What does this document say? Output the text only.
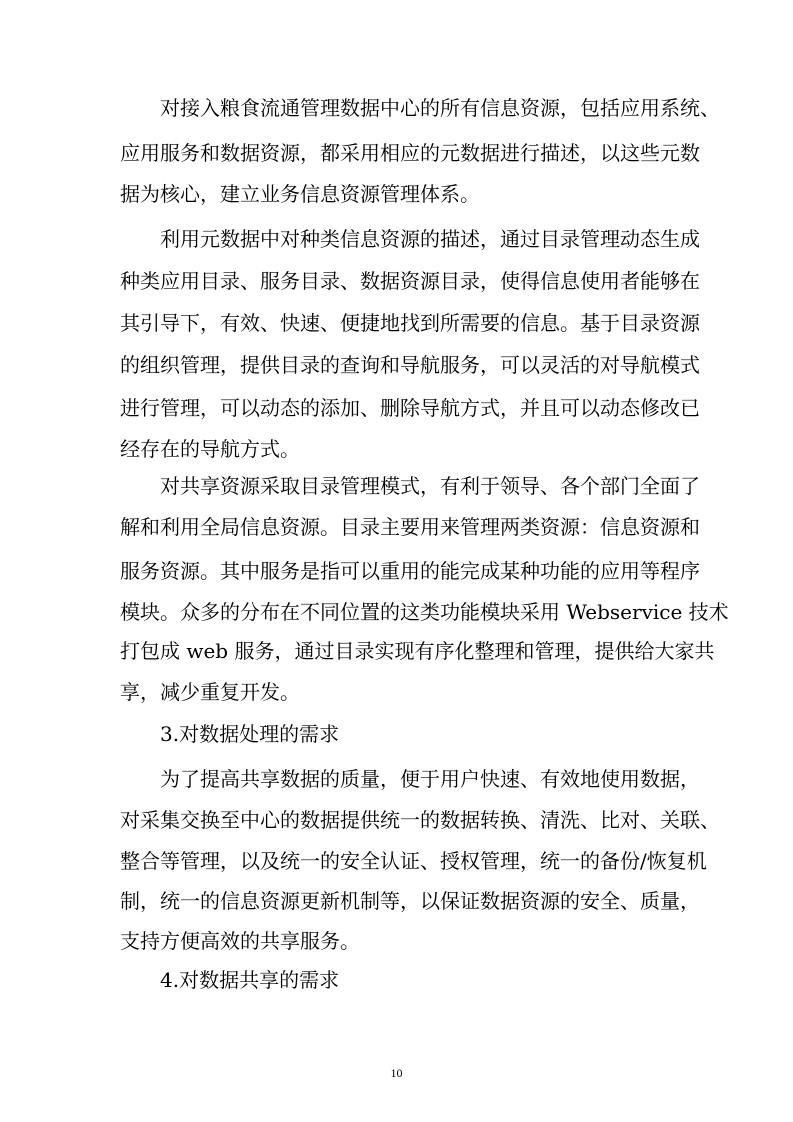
对接入粮食流通管理数据中心的所有信息资源，包括应用系统、
应用服务和数据资源，都采用相应的元数据进行描述，以这些元数
据为核心，建立业务信息资源管理体系。
利用元数据中对种类信息资源的描述，通过目录管理动态生成
种类应用目录、服务目录、数据资源目录，使得信息使用者能够在
其引导下，有效、快速、便捷地找到所需要的信息。基于目录资源
的组织管理，提供目录的查询和导航服务，可以灵活的对导航模式
进行管理，可以动态的添加、删除导航方式，并且可以动态修改已
经存在的导航方式。
对共享资源采取目录管理模式，有利于领导、各个部门全面了
解和利用全局信息资源。目录主要用来管理两类资源：信息资源和
服务资源。其中服务是指可以重用的能完成某种功能的应用等程序
模块。众多的分布在不同位置的这类功能模块采用 Webservice 技术
打包成 web 服务，通过目录实现有序化整理和管理，提供给大家共
享，减少重复开发。
3.对数据处理的需求
为了提高共享数据的质量，便于用户快速、有效地使用数据，
对采集交换至中心的数据提供统一的数据转换、清洗、比对、关联、
整合等管理，以及统一的安全认证、授权管理，统一的备份/恢复机
制，统一的信息资源更新机制等，以保证数据资源的安全、质量，
支持方便高效的共享服务。
4.对数据共享的需求
10
